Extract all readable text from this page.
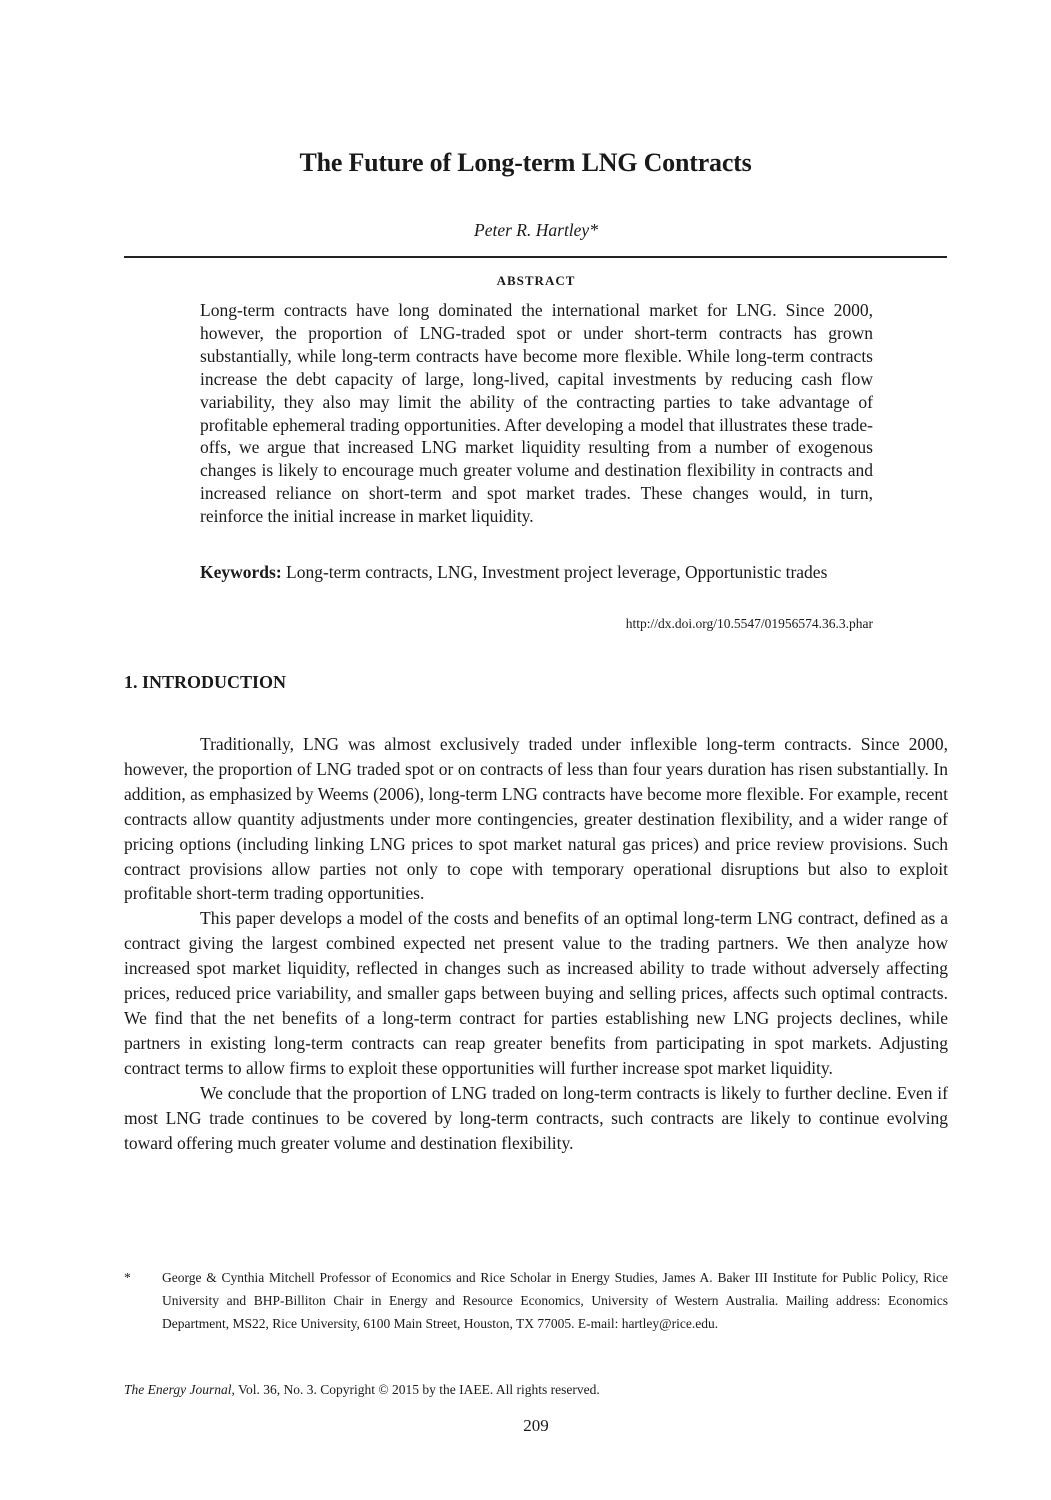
The Future of Long-term LNG Contracts
Peter R. Hartley*
ABSTRACT
Long-term contracts have long dominated the international market for LNG. Since 2000, however, the proportion of LNG-traded spot or under short-term contracts has grown substantially, while long-term contracts have become more flexible. While long-term contracts increase the debt capacity of large, long-lived, capital investments by reducing cash flow variability, they also may limit the ability of the contracting parties to take advantage of profitable ephemeral trading opportunities. After developing a model that illustrates these trade-offs, we argue that increased LNG market liquidity resulting from a number of exogenous changes is likely to encourage much greater volume and destination flexibility in contracts and increased reliance on short-term and spot market trades. These changes would, in turn, reinforce the initial increase in market liquidity.
Keywords: Long-term contracts, LNG, Investment project leverage, Opportunistic trades
http://dx.doi.org/10.5547/01956574.36.3.phar
1. INTRODUCTION

Traditionally, LNG was almost exclusively traded under inflexible long-term contracts. Since 2000, however, the proportion of LNG traded spot or on contracts of less than four years duration has risen substantially. In addition, as emphasized by Weems (2006), long-term LNG contracts have become more flexible. For example, recent contracts allow quantity adjustments under more contingencies, greater destination flexibility, and a wider range of pricing options (including linking LNG prices to spot market natural gas prices) and price review provisions. Such contract provisions allow parties not only to cope with temporary operational disruptions but also to exploit profitable short-term trading opportunities.

This paper develops a model of the costs and benefits of an optimal long-term LNG contract, defined as a contract giving the largest combined expected net present value to the trading partners. We then analyze how increased spot market liquidity, reflected in changes such as increased ability to trade without adversely affecting prices, reduced price variability, and smaller gaps between buying and selling prices, affects such optimal contracts. We find that the net benefits of a long-term contract for parties establishing new LNG projects declines, while partners in existing long-term contracts can reap greater benefits from participating in spot markets. Adjusting contract terms to allow firms to exploit these opportunities will further increase spot market liquidity.

We conclude that the proportion of LNG traded on long-term contracts is likely to further decline. Even if most LNG trade continues to be covered by long-term contracts, such contracts are likely to continue evolving toward offering much greater volume and destination flexibility.

* George & Cynthia Mitchell Professor of Economics and Rice Scholar in Energy Studies, James A. Baker III Institute for Public Policy, Rice University and BHP-Billiton Chair in Energy and Resource Economics, University of Western Australia. Mailing address: Economics Department, MS22, Rice University, 6100 Main Street, Houston, TX 77005. E-mail: hartley@rice.edu.
The Energy Journal, Vol. 36, No. 3. Copyright © 2015 by the IAEE. All rights reserved.
209
